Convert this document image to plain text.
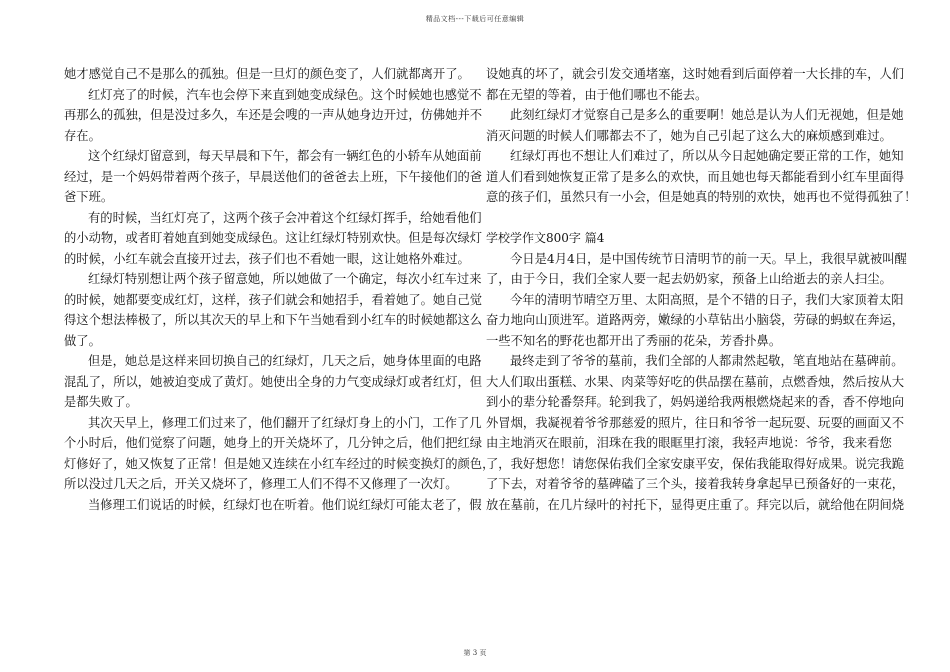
精品文档---下载后可任意编辑
她才感觉自己不是那么的孤独。但是一旦灯的颜色变了，人们就都离开了。
红灯亮了的时候，汽车也会停下来直到她变成绿色。这个时候她也感觉不
再那么的孤独，但是没过多久，车还是会嗖的一声从她身边开过，仿佛她并不
存在。
这个红绿灯留意到，每天早晨和下午，都会有一辆红色的小轿车从她面前
经过，是一个妈妈带着两个孩子，早晨送他们的爸爸去上班，下午接他们的爸
爸下班。
有的时候，当红灯亮了，这两个孩子会冲着这个红绿灯挥手，给她看他们
的小动物，或者盯着她直到她变成绿色。这让红绿灯特别欢快。但是每次绿灯
的时候，小红车就会直接开过去，孩子们也不看她一眼，这让她格外难过。
红绿灯特别想让两个孩子留意她，所以她做了一个确定，每次小红车过来
的时候，她都要变成红灯，这样，孩子们就会和她招手，看着她了。她自己觉
得这个想法棒极了，所以其次天的早上和下午当她看到小红车的时候她都这么
做了。
但是，她总是这样来回切换自己的红绿灯，几天之后，她身体里面的电路
混乱了，所以，她被迫变成了黄灯。她使出全身的力气变成绿灯或者红灯，但
是都失败了。
其次天早上，修理工们过来了，他们翻开了红绿灯身上的小门，工作了几
个小时后，他们觉察了问题，她身上的开关烧坏了，几分钟之后，他们把红绿
灯修好了，她又恢复了正常！但是她又连续在小红车经过的时候变换灯的颜色，
所以没过几天之后，开关又烧坏了，修理工人们不得不又修理了一次灯。
当修理工们说话的时候，红绿灯也在听着。他们说红绿灯可能太老了，假
设她真的坏了，就会引发交通堵塞，这时她看到后面停着一大长排的车，人们
都在无望的等着，由于他们哪也不能去。
此刻红绿灯才觉察自己是多么的重要啊！她总是认为人们无视她，但是她
消灭问题的时候人们哪都去不了，她为自己引起了这么大的麻烦感到难过。
红绿灯再也不想让人们难过了，所以从今日起她确定要正常的工作，她知
道人们看到她恢复正常了是多么的欢快，而且她也每天都能看到小红车里面得
意的孩子们，虽然只有一小会，但是她真的特别的欢快，她再也不觉得孤独了！
学校学作文800字 篇4
今日是4月4日，是中国传统节日清明节的前一天。早上，我很早就被叫醒
了，由于今日，我们全家人要一起去奶奶家，预备上山给逝去的亲人扫尘。
今年的清明节晴空万里、太阳高照，是个不错的日子，我们大家顶着太阳
奋力地向山顶进军。道路两旁，嫩绿的小草钻出小脑袋，劳碌的蚂蚁在奔运，
一些不知名的野花也都开出了秀丽的花朵，芳香扑鼻。
最终走到了爷爷的墓前，我们全部的人都肃然起敬，笔直地站在墓碑前。
大人们取出蛋糕、水果、肉菜等好吃的供品摆在墓前，点燃香烛，然后按从大
到小的辈分轮番祭拜。轮到我了，妈妈递给我两根燃烧起来的香，香不停地向
外冒烟，我凝视着爷爷那慈爱的照片，往日和爷爷一起玩耍、玩耍的画面又不
由主地消灭在眼前，泪珠在我的眼眶里打滚，我轻声地说：爷爷，我来看您
了，我好想您！请您保佑我们全家安康平安，保佑我能取得好成果。说完我跪
了下去，对着爷爷的墓碑磕了三个头，接着我转身拿起早已预备好的一束花，
放在墓前，在几片绿叶的衬托下，显得更庄重了。拜完以后，就给他在阴间烧
第 3 页
